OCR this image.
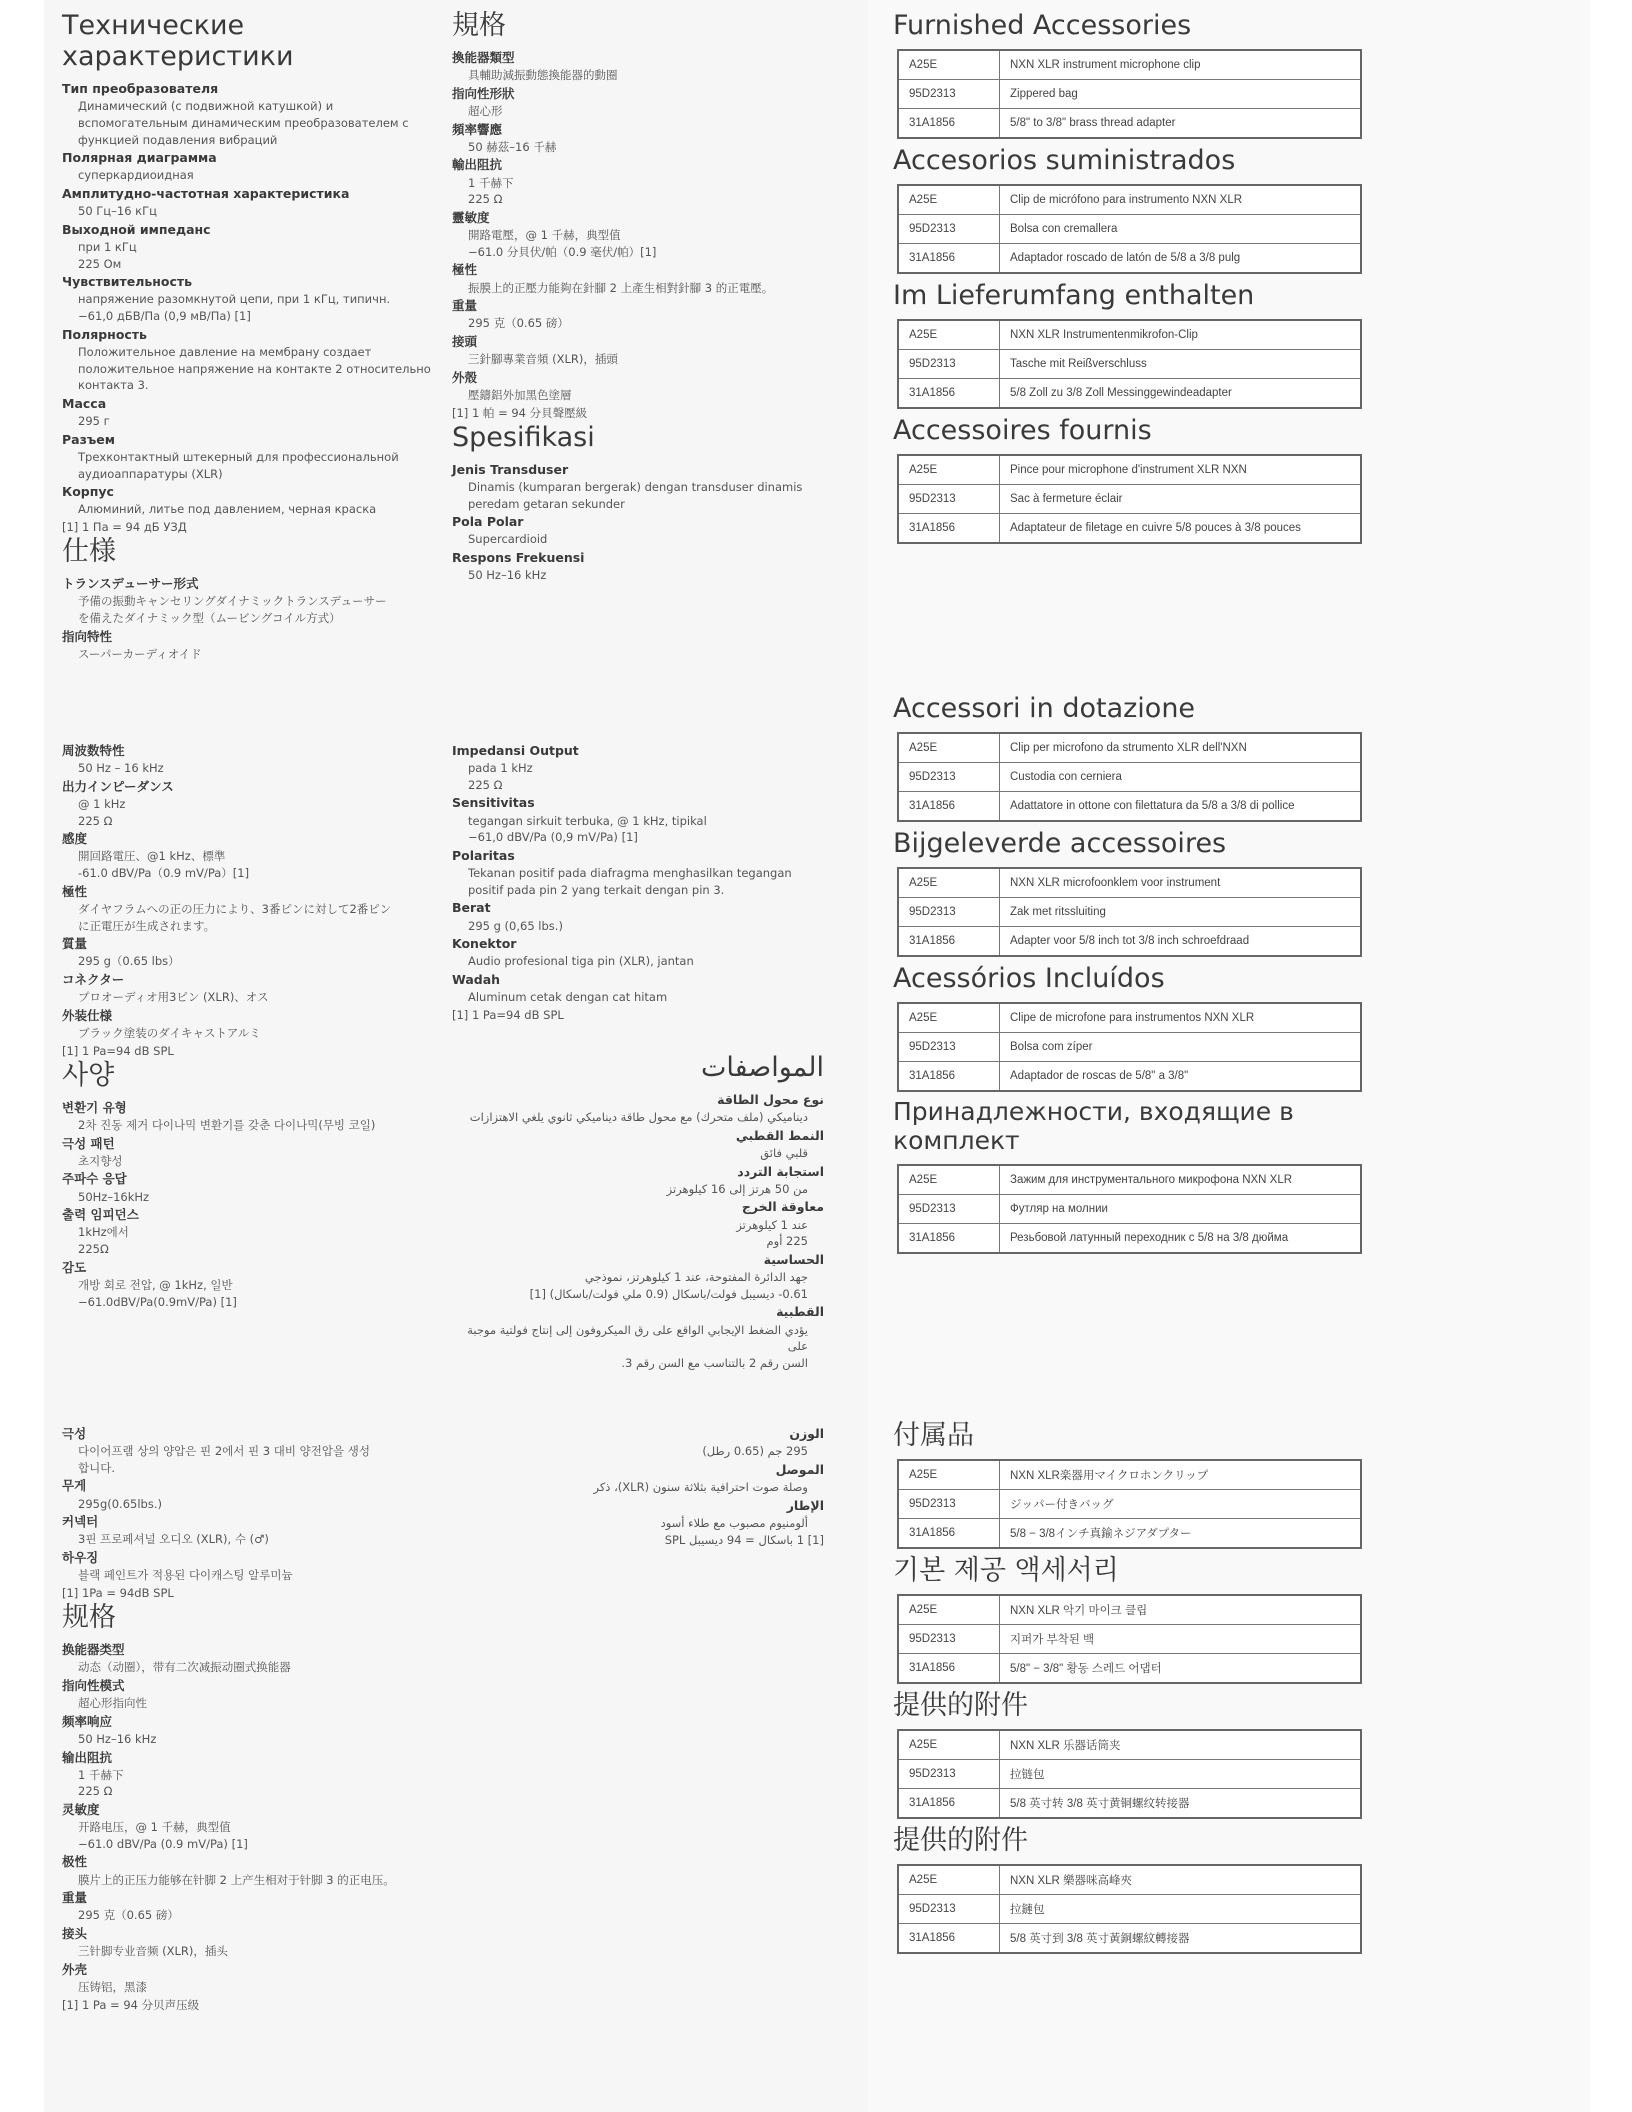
Технические характеристики
Тип преобразователя
Динамический (с подвижной катушкой) и
вспомогательным динамическим преобразователем с
функцией подавления вибраций
Полярная диаграмма
суперкардиоидная
Амплитудно-частотная характеристика
50 Гц–16 кГц
Выходной импеданс
при 1 кГц
225 Ом
Чувствительность
напряжение разомкнутой цепи, при 1 кГц, типичн.
−61,0 дБВ/Па (0,9 мВ/Па) [1]
Полярность
Положительное давление на мембрану создает
положительное напряжение на контакте 2 относительно
контакта 3.
Масса
295 г
Разъем
Трехконтактный штекерный для профессиональной
аудиоаппаратуры (XLR)
Корпус
Алюминий, литье под давлением, черная краска
[1] 1 Па = 94 дБ УЗД
仕様
トランスデューサー形式
予備の振動キャンセリングダイナミックトランスデューサー
を備えたダイナミック型（ムービングコイル方式）
指向特性
スーパーカーディオイド
規格
換能器類型
具輔助減振動態換能器的動圈
指向性形狀
超心形
頻率響應
50 赫茲–16 千赫
輸出阻抗
1 千赫下
225 Ω
靈敏度
開路電壓，@ 1 千赫，典型值
−61.0 分貝伏/帕（0.9 毫伏/帕）[1]
極性
振膜上的正壓力能夠在針腳 2 上產生相對針腳 3 的正電壓。
重量
295 克（0.65 磅）
接頭
三針腳專業音頻 (XLR)，插頭
外殼
壓鑄鋁外加黑色塗層
[1] 1 帕 = 94 分貝聲壓級
Spesifikasi
Jenis Transduser
Dinamis (kumparan bergerak) dengan transduser dinamis
peredam getaran sekunder
Pola Polar
Supercardioid
Respons Frekuensi
50 Hz–16 kHz
周波数特性
50 Hz – 16 kHz
出力インピーダンス
@ 1 kHz
225 Ω
感度
開回路電圧、@1 kHz、標準
-61.0 dBV/Pa（0.9 mV/Pa）[1]
極性
ダイヤフラムへの正の圧力により、3番ピンに対して2番ピン
に正電圧が生成されます。
質量
295 g（0.65 lbs）
コネクター
プロオーディオ用3ピン (XLR)、オス
外装仕様
ブラック塗装のダイキャストアルミ
[1] 1 Pa=94 dB SPL
사양
변환기 유형
2차 진동 제거 다이나믹 변환기를 갖춘 다이나믹(무빙 코일)
극성 패턴
초지향성
주파수 응답
50Hz–16kHz
출력 임피던스
1kHz에서
225Ω
감도
개방 회로 전압, @ 1kHz, 일반
−61.0dBV/Pa(0.9mV/Pa) [1]
Impedansi Output
pada 1 kHz
225 Ω
Sensitivitas
tegangan sirkuit terbuka, @ 1 kHz, tipikal
−61,0 dBV/Pa (0,9 mV/Pa) [1]
Polaritas
Tekanan positif pada diafragma menghasilkan tegangan
positif pada pin 2 yang terkait dengan pin 3.
Berat
295 g (0,65 lbs.)
Konektor
Audio profesional tiga pin (XLR), jantan
Wadah
Aluminum cetak dengan cat hitam
[1] 1 Pa=94 dB SPL
المواصفات
نوع محول الطاقة
ديناميكي (ملف متحرك) مع محول طاقة ديناميكي ثانوي يلغي الاهتزازات
النمط القطبي
قلبي فائق
استجابة التردد
من 50 هرتز إلى 16 كيلوهرتز
معاوقة الخرج
عند 1 كيلوهرتز
225 أوم
الحساسية
جهد الدائرة المفتوحة، عند 1 كيلوهرتز، نموذجي
0.61- ديسيبل فولت/باسكال (0.9 ملي فولت/باسكال) [1]
القطبية
يؤدي الضغط الإيجابي الواقع على رق الميكروفون إلى إنتاج فولتية موجبة على
السن رقم 2 بالتناسب مع السن رقم 3.
극성
다이어프램 상의 양압은 핀 2에서 핀 3 대비 양전압을 생성
합니다.
무게
295g(0.65lbs.)
커넥터
3핀 프로페셔널 오디오 (XLR), 수 (♂)
하우징
블랙 페인트가 적용된 다이캐스팅 알루미늄
[1] 1Pa = 94dB SPL
规格
换能器类型
动态（动圈），带有二次减振动圈式换能器
指向性模式
超心形指向性
频率响应
50 Hz–16 kHz
输出阻抗
1 千赫下
225 Ω
灵敏度
开路电压，@ 1 千赫，典型值
−61.0 dBV/Pa (0.9 mV/Pa) [1]
极性
膜片上的正压力能够在针脚 2 上产生相对于针脚 3 的正电压。
重量
295 克（0.65 磅）
接头
三针脚专业音频 (XLR)，插头
外壳
压铸铝，黑漆
[1] 1 Pa = 94 分贝声压级
الوزن
295 جم (0.65 رطل)
الموصل
وصلة صوت احترافية بثلاثة سنون (XLR)، ذكر
الإطار
ألومنيوم مصبوب مع طلاء أسود
[1] 1 باسكال = 94 ديسيبل SPL
Furnished Accessories
A25E	NXN XLR instrument microphone clip
95D2313	Zippered bag
31A1856	5/8" to 3/8" brass thread adapter
Accesorios suministrados
A25E	Clip de micrófono para instrumento NXN XLR
95D2313	Bolsa con cremallera
31A1856	Adaptador roscado de latón de 5/8 a 3/8 pulg
Im Lieferumfang enthalten
A25E	NXN XLR Instrumentenmikrofon-Clip
95D2313	Tasche mit Reißverschluss
31A1856	5/8 Zoll zu 3/8 Zoll Messinggewindeadapter
Accessoires fournis
A25E	Pince pour microphone d'instrument XLR NXN
95D2313	Sac à fermeture éclair
31A1856	Adaptateur de filetage en cuivre 5/8 pouces à 3/8 pouces
Accessori in dotazione
A25E	Clip per microfono da strumento XLR dell'NXN
95D2313	Custodia con cerniera
31A1856	Adattatore in ottone con filettatura da 5/8 a 3/8 di pollice
Bijgeleverde accessoires
A25E	NXN XLR microfoonklem voor instrument
95D2313	Zak met ritssluiting
31A1856	Adapter voor 5/8 inch tot 3/8 inch schroefdraad
Acessórios Incluídos
A25E	Clipe de microfone para instrumentos NXN XLR
95D2313	Bolsa com zíper
31A1856	Adaptador de roscas de 5/8" a 3/8"
Принадлежности, входящие в комплект
A25E	Зажим для инструментального микрофона NXN XLR
95D2313	Футляр на молнии
31A1856	Резьбовой латунный переходник с 5/8 на 3/8 дюйма
付属品
A25E	NXN XLR楽器用マイクロホンクリップ
95D2313	ジッパー付きバッグ
31A1856	5/8 − 3/8インチ真鍮ネジアダプター
기본 제공 액세서리
A25E	NXN XLR 악기 마이크 클립
95D2313	지퍼가 부착된 백
31A1856	5/8" − 3/8" 황동 스레드 어댑터
提供的附件
A25E	NXN XLR 乐器话筒夹
95D2313	拉链包
31A1856	5/8 英寸转 3/8 英寸黄铜螺纹转接器
提供的附件
A25E	NXN XLR 樂器咪高峰夾
95D2313	拉鏈包
31A1856	5/8 英寸到 3/8 英寸黃銅螺紋轉接器
